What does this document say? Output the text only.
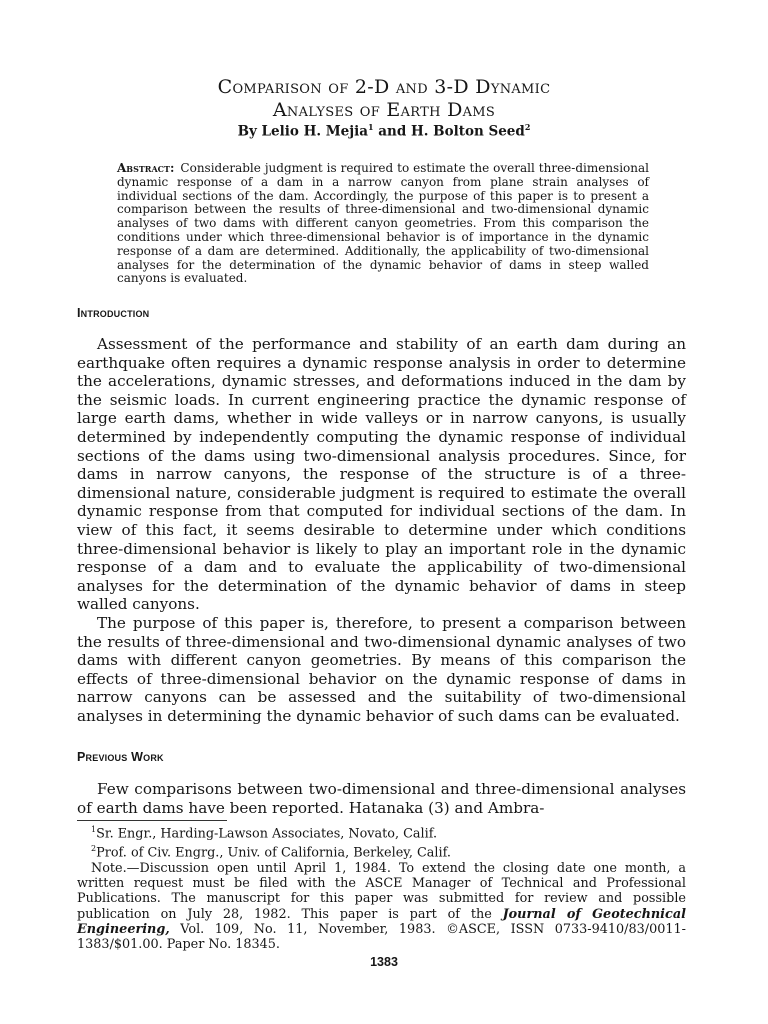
Comparison of 2-D and 3-D Dynamic
Analyses of Earth Dams
By Lelio H. Mejia$^1$ and H. Bolton Seed$^2$
Abstract: Considerable judgment is required to estimate the overall three-dimensional dynamic response of a dam in a narrow canyon from plane strain analyses of individual sections of the dam. Accordingly, the purpose of this paper is to present a comparison between the results of three-dimensional and two-dimensional dynamic analyses of two dams with different canyon geometries. From this comparison the conditions under which three-dimensional behavior is of importance in the dynamic response of a dam are determined. Additionally, the applicability of two-dimensional analyses for the determination of the dynamic behavior of dams in steep walled canyons is evaluated.
Introduction

Assessment of the performance and stability of an earth dam during an earthquake often requires a dynamic response analysis in order to determine the accelerations, dynamic stresses, and deformations induced in the dam by the seismic loads. In current engineering practice the dynamic response of large earth dams, whether in wide valleys or in narrow canyons, is usually determined by independently computing the dynamic response of individual sections of the dams using two-dimensional analysis procedures. Since, for dams in narrow canyons, the response of the structure is of a three-dimensional nature, considerable judgment is required to estimate the overall dynamic response from that computed for individual sections of the dam. In view of this fact, it seems desirable to determine under which conditions three-dimensional behavior is likely to play an important role in the dynamic response of a dam and to evaluate the applicability of two-dimensional analyses for the determination of the dynamic behavior of dams in steep walled canyons.

The purpose of this paper is, therefore, to present a comparison between the results of three-dimensional and two-dimensional dynamic analyses of two dams with different canyon geometries. By means of this comparison the effects of three-dimensional behavior on the dynamic response of dams in narrow canyons can be assessed and the suitability of two-dimensional analyses in determining the dynamic behavior of such dams can be evaluated.

Previous Work

Few comparisons between two-dimensional and three-dimensional analyses of earth dams have been reported. Hatanaka (3) and Ambra-

$^1$Sr. Engr., Harding-Lawson Associates, Novato, Calif.
$^2$Prof. of Civ. Engrg., Univ. of California, Berkeley, Calif.
Note.—Discussion open until April 1, 1984. To extend the closing date one month, a written request must be filed with the ASCE Manager of Technical and Professional Publications. The manuscript for this paper was submitted for review and possible publication on July 28, 1982. This paper is part of the Journal of Geotechnical Engineering, Vol. 109, No. 11, November, 1983. ©ASCE, ISSN 0733-9410/83/0011-1383/$01.00. Paper No. 18345.
1383
